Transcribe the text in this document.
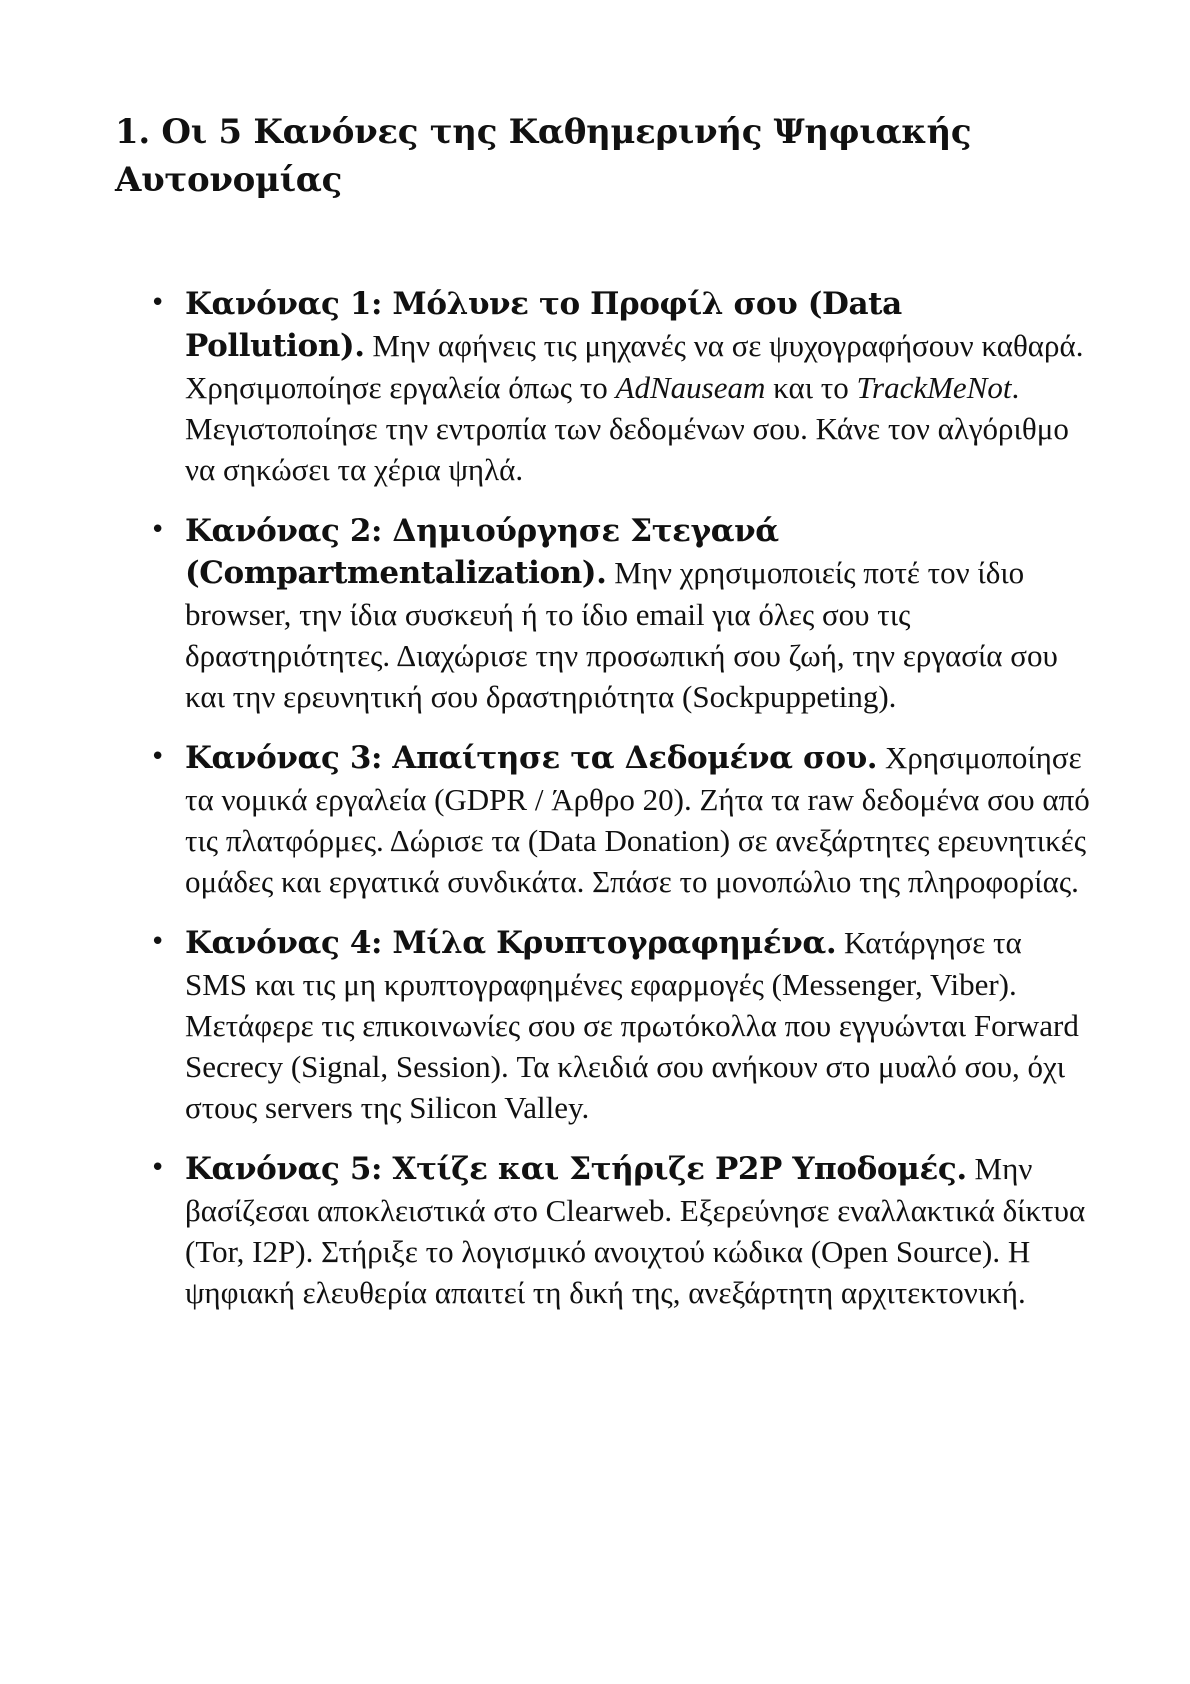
1. Οι 5 Κανόνες της Καθημερινής Ψηφιακής Αυτονομίας
• Κανόνας 1: Μόλυνε το Προφίλ σου (Data Pollution). Μην αφήνεις τις μηχανές να σε ψυχογραφήσουν καθαρά. Χρησιμοποίησε εργαλεία όπως το AdNauseam και το TrackMeNot. Μεγιστοποίησε την εντροπία των δεδομένων σου. Κάνε τον αλγόριθμο να σηκώσει τα χέρια ψηλά.
• Κανόνας 2: Δημιούργησε Στεγανά (Compartmentalization). Μην χρησιμοποιείς ποτέ τον ίδιο browser, την ίδια συσκευή ή το ίδιο email για όλες σου τις δραστηριότητες. Διαχώρισε την προσωπική σου ζωή, την εργασία σου και την ερευνητική σου δραστηριότητα (Sockpuppeting).
• Κανόνας 3: Απαίτησε τα Δεδομένα σου. Χρησιμοποίησε τα νομικά εργαλεία (GDPR / Άρθρο 20). Ζήτα τα raw δεδομένα σου από τις πλατφόρμες. Δώρισε τα (Data Donation) σε ανεξάρτητες ερευνητικές ομάδες και εργατικά συνδικάτα. Σπάσε το μονοπώλιο της πληροφορίας.
• Κανόνας 4: Μίλα Κρυπτογραφημένα. Κατάργησε τα SMS και τις μη κρυπτογραφημένες εφαρμογές (Messenger, Viber). Μετάφερε τις επικοινωνίες σου σε πρωτόκολλα που εγγυώνται Forward Secrecy (Signal, Session). Τα κλειδιά σου ανήκουν στο μυαλό σου, όχι στους servers της Silicon Valley.
• Κανόνας 5: Χτίζε και Στήριζε P2P Υποδομές. Μην βασίζεσαι αποκλειστικά στο Clearweb. Εξερεύνησε εναλλακτικά δίκτυα (Tor, I2P). Στήριξε το λογισμικό ανοιχτού κώδικα (Open Source). Η ψηφιακή ελευθερία απαιτεί τη δική της, ανεξάρτητη αρχιτεκτονική.
